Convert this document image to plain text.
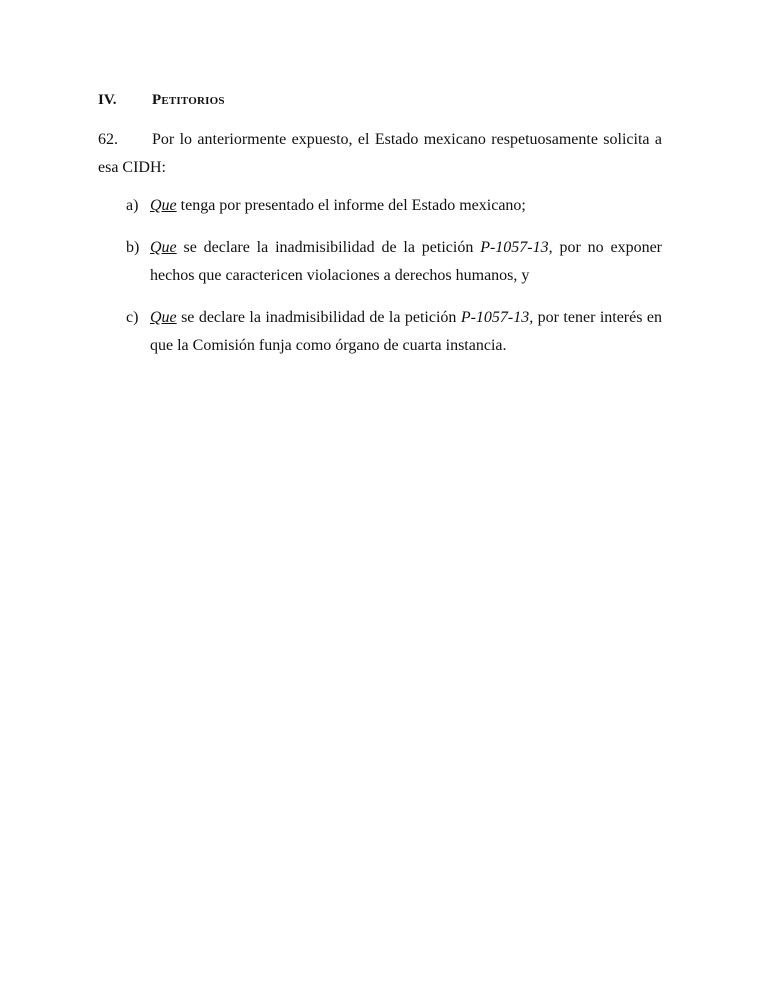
IV. Petitorios
62. Por lo anteriormente expuesto, el Estado mexicano respetuosamente solicita a esa CIDH:
a) Que tenga por presentado el informe del Estado mexicano;
b) Que se declare la inadmisibilidad de la petición P-1057-13, por no exponer hechos que caractericen violaciones a derechos humanos, y
c) Que se declare la inadmisibilidad de la petición P-1057-13, por tener interés en que la Comisión funja como órgano de cuarta instancia.
